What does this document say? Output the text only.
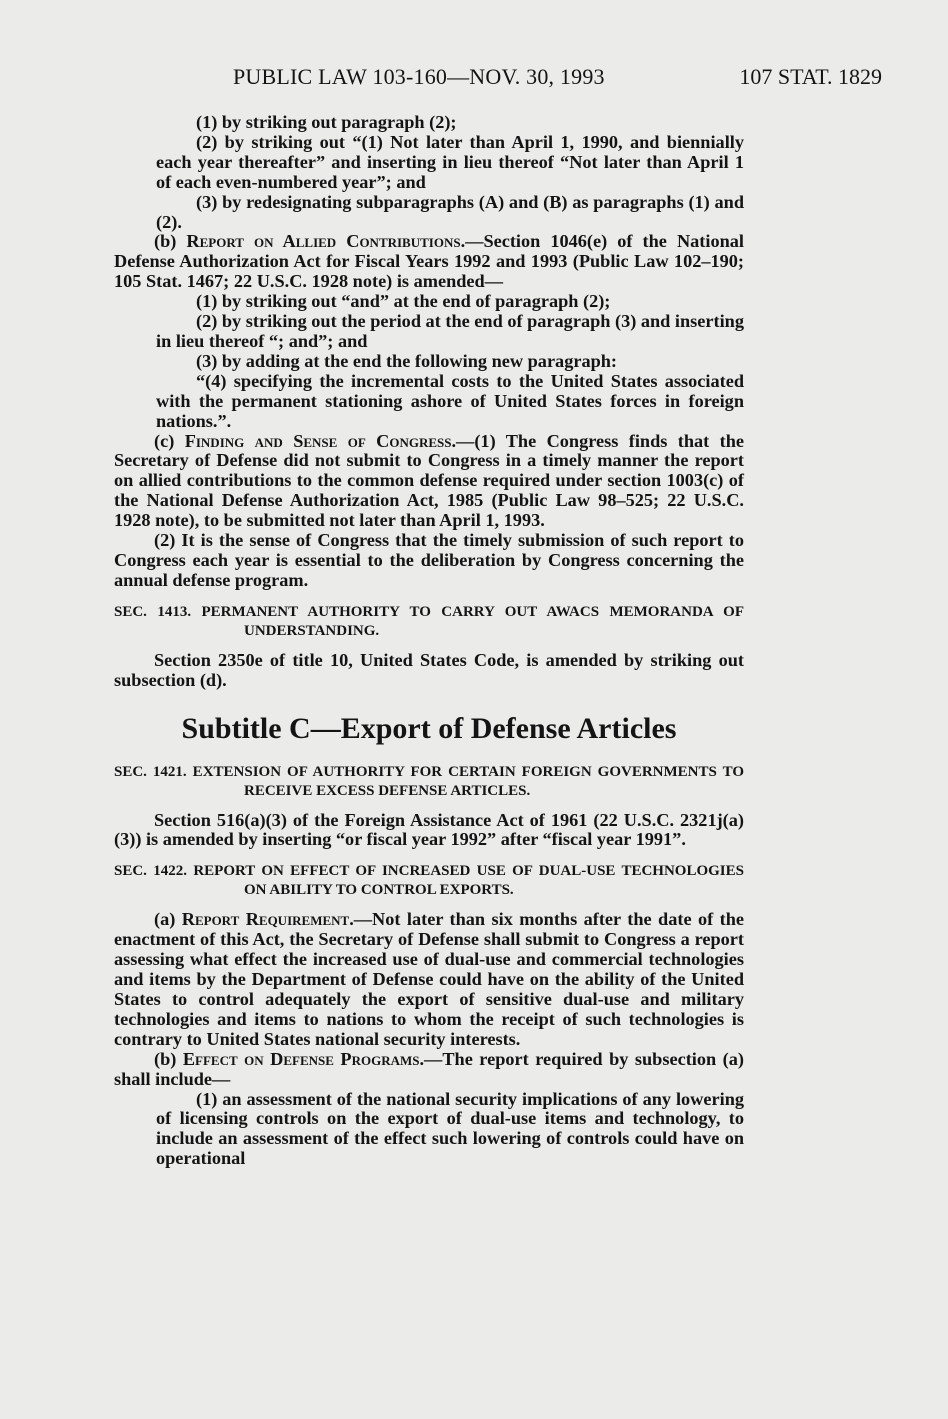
PUBLIC LAW 103-160—NOV. 30, 1993	107 STAT. 1829

(1) by striking out paragraph (2);

(2) by striking out “(1) Not later than April 1, 1990, and biennially each year thereafter” and inserting in lieu thereof “Not later than April 1 of each even-numbered year”; and

(3) by redesignating subparagraphs (A) and (B) as paragraphs (1) and (2).

(b) Report on Allied Contributions.—Section 1046(e) of the National Defense Authorization Act for Fiscal Years 1992 and 1993 (Public Law 102–190; 105 Stat. 1467; 22 U.S.C. 1928 note) is amended—

(1) by striking out “and” at the end of paragraph (2);

(2) by striking out the period at the end of paragraph (3) and inserting in lieu thereof “; and”; and

(3) by adding at the end the following new paragraph:

“(4) specifying the incremental costs to the United States associated with the permanent stationing ashore of United States forces in foreign nations.”.

(c) Finding and Sense of Congress.—(1) The Congress finds that the Secretary of Defense did not submit to Congress in a timely manner the report on allied contributions to the common defense required under section 1003(c) of the National Defense Authorization Act, 1985 (Public Law 98–525; 22 U.S.C. 1928 note), to be submitted not later than April 1, 1993.

(2) It is the sense of Congress that the timely submission of such report to Congress each year is essential to the deliberation by Congress concerning the annual defense program.

SEC. 1413. PERMANENT AUTHORITY TO CARRY OUT AWACS MEMORANDA OF UNDERSTANDING.

Section 2350e of title 10, United States Code, is amended by striking out subsection (d).

Subtitle C—Export of Defense Articles

SEC. 1421. EXTENSION OF AUTHORITY FOR CERTAIN FOREIGN GOVERNMENTS TO RECEIVE EXCESS DEFENSE ARTICLES.

Section 516(a)(3) of the Foreign Assistance Act of 1961 (22 U.S.C. 2321j(a)(3)) is amended by inserting “or fiscal year 1992” after “fiscal year 1991”.

SEC. 1422. REPORT ON EFFECT OF INCREASED USE OF DUAL-USE TECHNOLOGIES ON ABILITY TO CONTROL EXPORTS.

(a) Report Requirement.—Not later than six months after the date of the enactment of this Act, the Secretary of Defense shall submit to Congress a report assessing what effect the increased use of dual-use and commercial technologies and items by the Department of Defense could have on the ability of the United States to control adequately the export of sensitive dual-use and military technologies and items to nations to whom the receipt of such technologies is contrary to United States national security interests.

(b) Effect on Defense Programs.—The report required by subsection (a) shall include—

(1) an assessment of the national security implications of any lowering of licensing controls on the export of dual-use items and technology, to include an assessment of the effect such lowering of controls could have on operational
